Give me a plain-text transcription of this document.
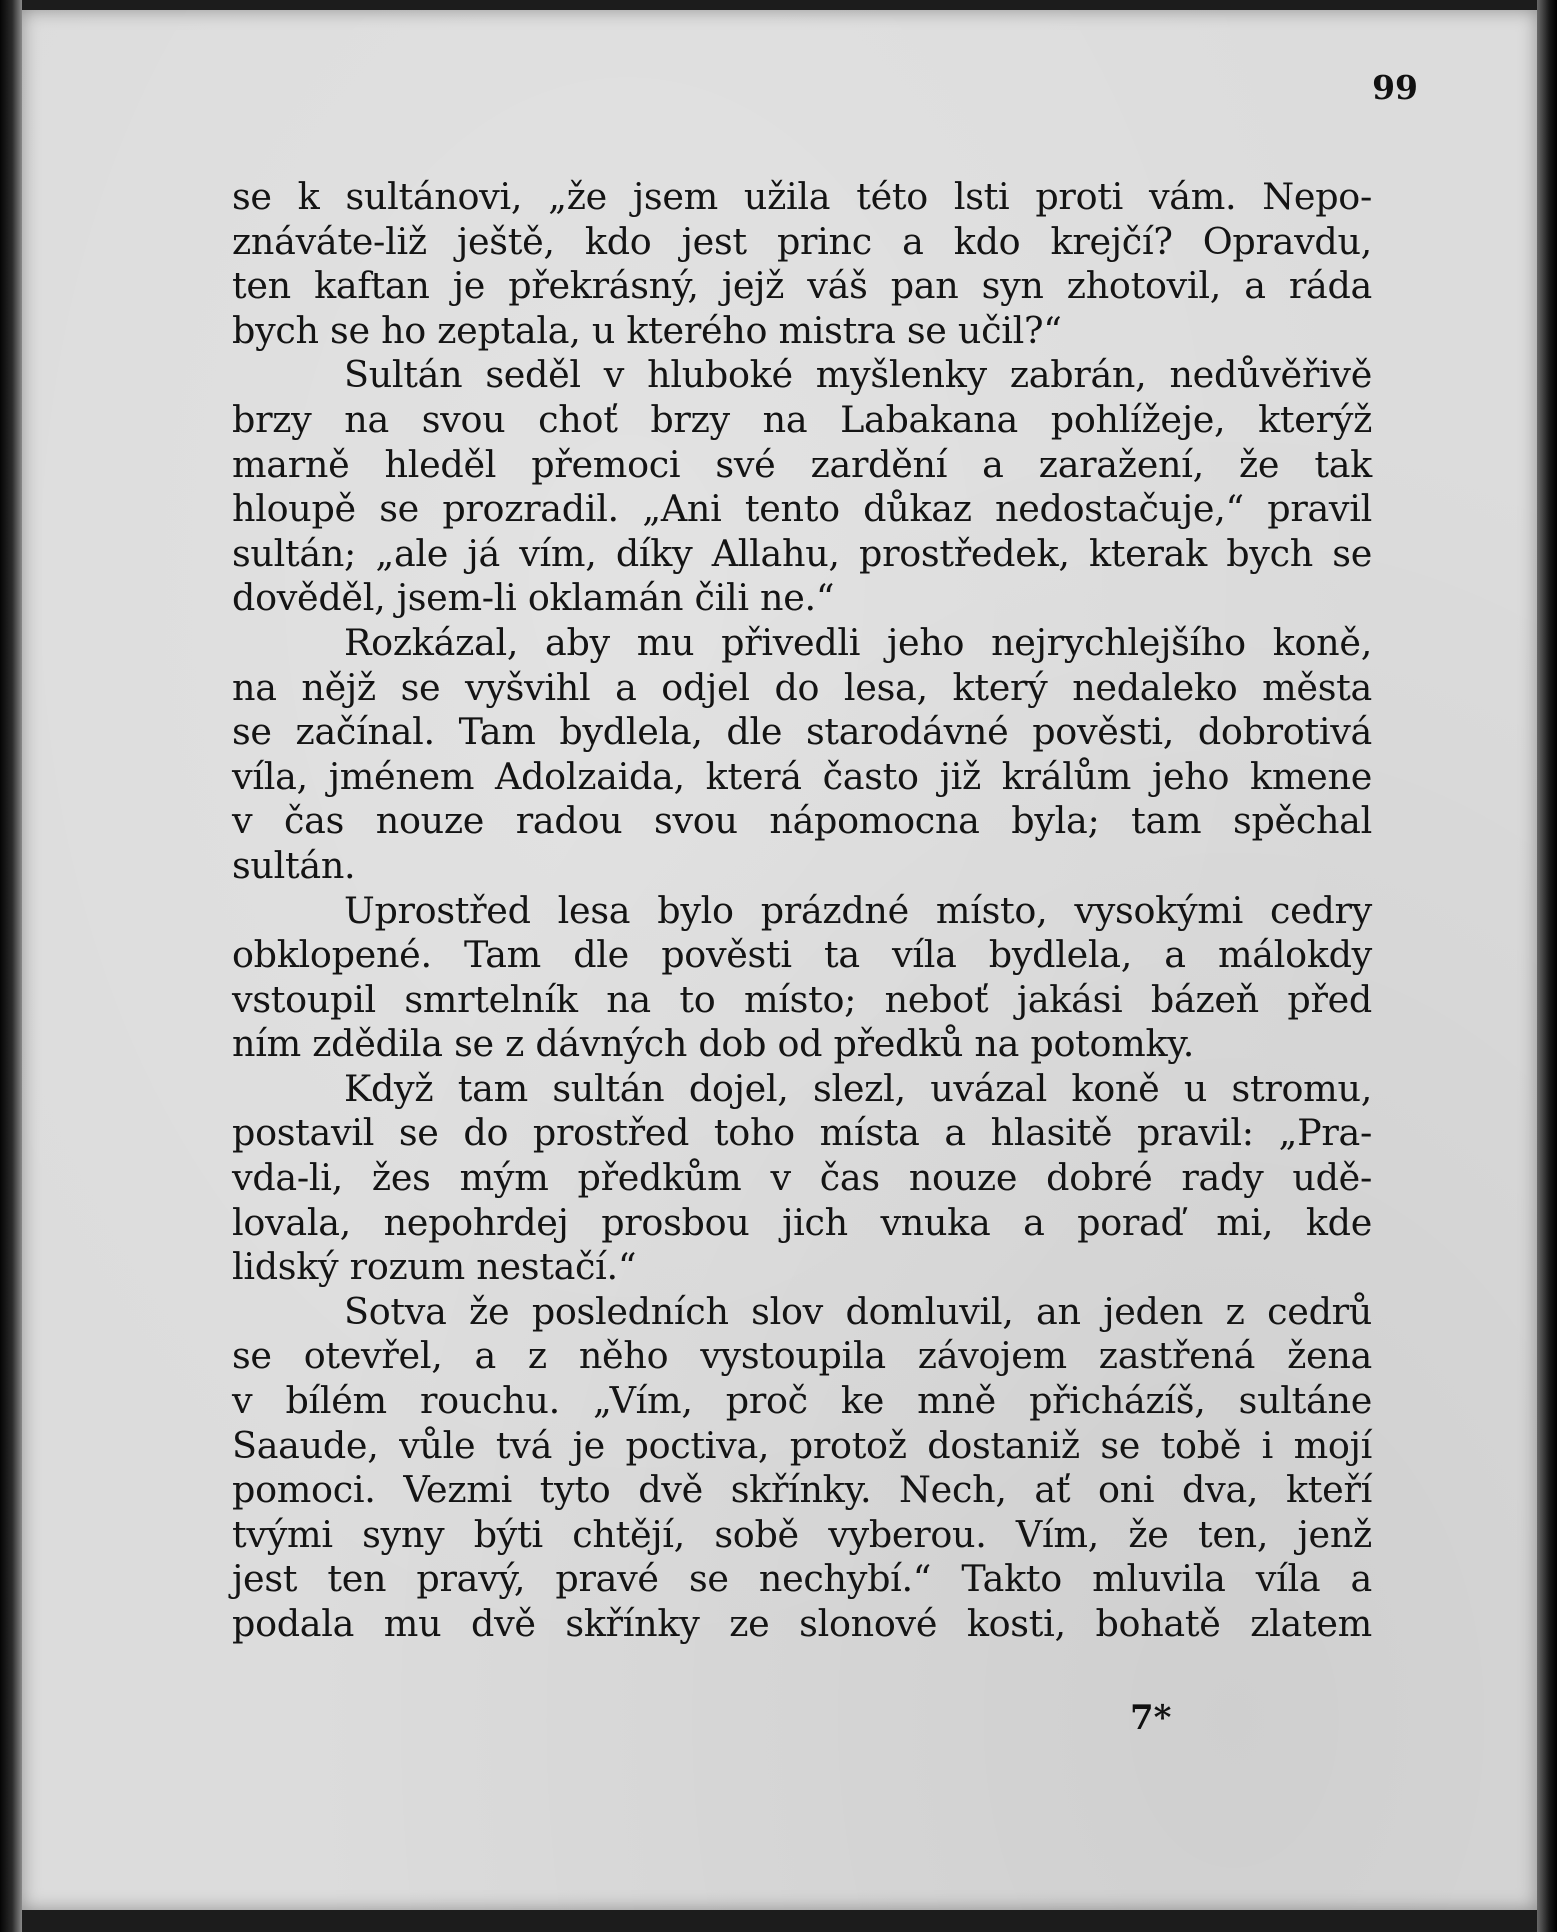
99
se k sultánovi, „že jsem užila této lsti proti vám. Nepo-
znáváte-liž ještě, kdo jest princ a kdo krejčí? Opravdu,
ten kaftan je překrásný, jejž váš pan syn zhotovil, a ráda
bych se ho zeptala, u kterého mistra se učil?“
Sultán seděl v hluboké myšlenky zabrán, nedůvěřivě
brzy na svou choť brzy na Labakana pohlížeje, kterýž
marně hleděl přemoci své zardění a zaražení, že tak
hloupě se prozradil. „Ani tento důkaz nedostačuje,“ pravil
sultán; „ale já vím, díky Allahu, prostředek, kterak bych se
dověděl, jsem-li oklamán čili ne.“
Rozkázal, aby mu přivedli jeho nejrychlejšího koně,
na nějž se vyšvihl a odjel do lesa, který nedaleko města
se začínal. Tam bydlela, dle starodávné pověsti, dobrotivá
víla, jménem Adolzaida, která často již králům jeho kmene
v čas nouze radou svou nápomocna byla; tam spěchal
sultán.
Uprostřed lesa bylo prázdné místo, vysokými cedry
obklopené. Tam dle pověsti ta víla bydlela, a málokdy
vstoupil smrtelník na to místo; neboť jakási bázeň před
ním zdědila se z dávných dob od předků na potomky.
Když tam sultán dojel, slezl, uvázal koně u stromu,
postavil se do prostřed toho místa a hlasitě pravil: „Pra-
vda-li, žes mým předkům v čas nouze dobré rady udě-
lovala, nepohrdej prosbou jich vnuka a poraď mi, kde
lidský rozum nestačí.“
Sotva že posledních slov domluvil, an jeden z cedrů
se otevřel, a z něho vystoupila závojem zastřená žena
v bílém rouchu. „Vím, proč ke mně přicházíš, sultáne
Saaude, vůle tvá je poctiva, protož dostaniž se tobě i mojí
pomoci. Vezmi tyto dvě skřínky. Nech, ať oni dva, kteří
tvými syny býti chtějí, sobě vyberou. Vím, že ten, jenž
jest ten pravý, pravé se nechybí.“ Takto mluvila víla a
podala mu dvě skřínky ze slonové kosti, bohatě zlatem
7*
